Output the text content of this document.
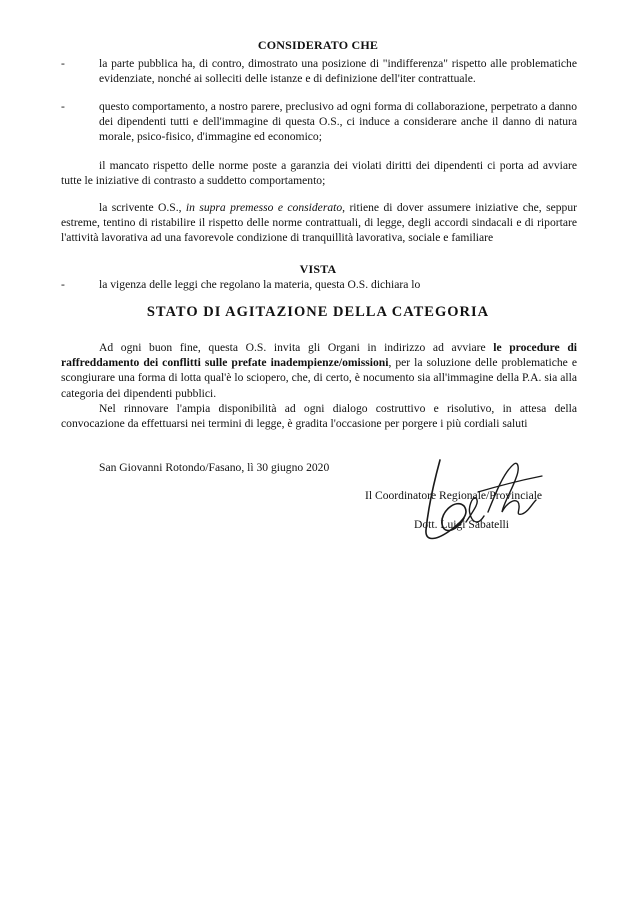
CONSIDERATO CHE
-	la parte pubblica ha, di contro, dimostrato una posizione di "indifferenza" rispetto alle problematiche evidenziate, nonché ai solleciti delle istanze e di definizione dell'iter contrattuale.
-	questo comportamento, a nostro parere, preclusivo ad ogni forma di collaborazione, perpetrato a danno dei dipendenti tutti e dell'immagine di questa O.S., ci induce a considerare anche il danno di natura morale, psico-fisico, d'immagine ed economico;
il mancato rispetto delle norme poste a garanzia dei violati diritti dei dipendenti ci porta ad avviare tutte le iniziative di contrasto a suddetto comportamento;
la scrivente O.S., in supra premesso e considerato, ritiene di dover assumere iniziative che, seppur estreme, tentino di ristabilire il rispetto delle norme contrattuali, di legge, degli accordi sindacali e di riportare l'attività lavorativa ad una favorevole condizione di tranquillità lavorativa, sociale e familiare
VISTA
-	la vigenza delle leggi che regolano la materia, questa O.S. dichiara lo
STATO DI AGITAZIONE DELLA CATEGORIA
Ad ogni buon fine, questa O.S. invita gli Organi in indirizzo ad avviare le procedure di raffreddamento dei conflitti sulle prefate inadempienze/omissioni, per la soluzione delle problematiche e scongiurare una forma di lotta qual'è lo sciopero, che, di certo, è nocumento sia all'immagine della P.A. sia alla categoria dei dipendenti pubblici.
Nel rinnovare l'ampia disponibilità ad ogni dialogo costruttivo e risolutivo, in attesa della convocazione da effettuarsi nei termini di legge, è gradita l'occasione per porgere i più cordiali saluti
San Giovanni Rotondo/Fasano, lì 30 giugno 2020
Il Coordinatore Regionale/Provinciale
Dott. Luigi Sabatelli
